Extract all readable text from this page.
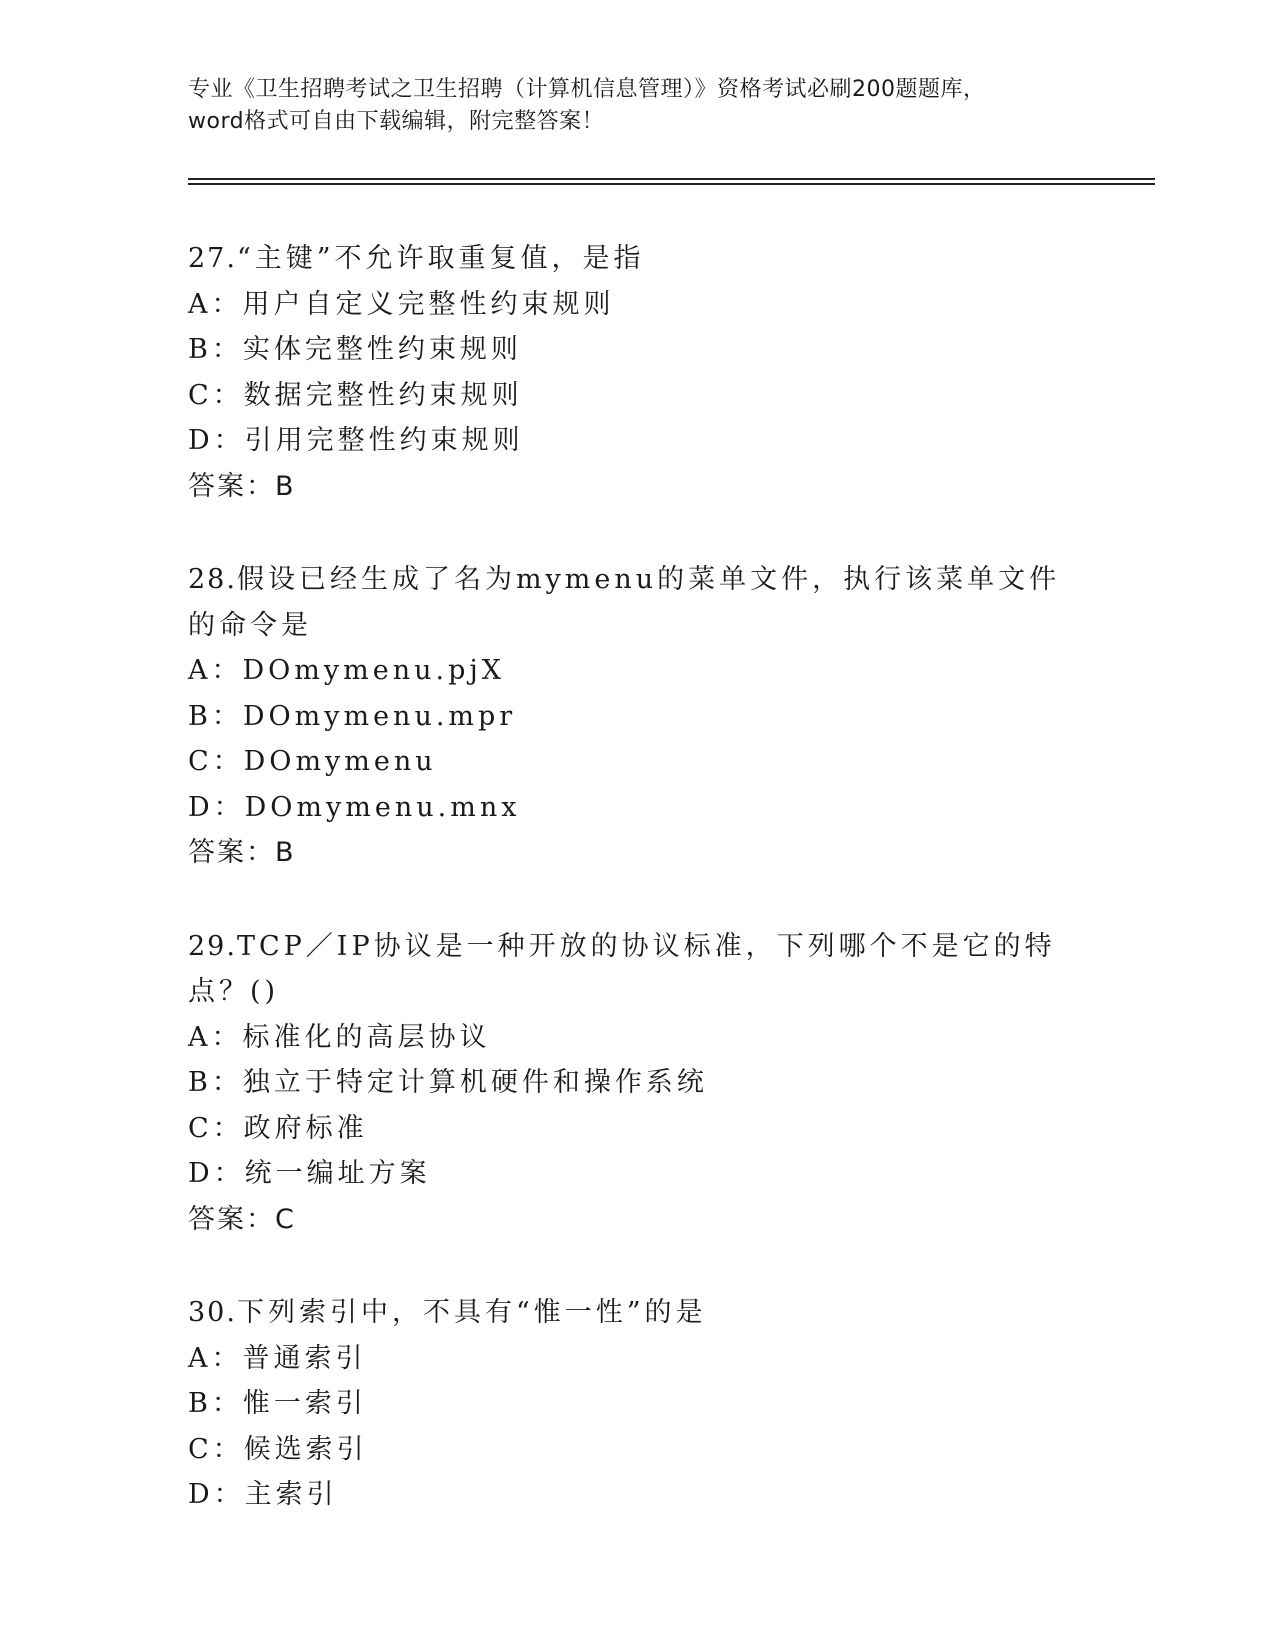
专业《卫生招聘考试之卫生招聘（计算机信息管理）》资格考试必刷200题题库，
word格式可自由下载编辑，附完整答案！
27.“主键”不允许取重复值，是指
A：用户自定义完整性约束规则
B：实体完整性约束规则
C：数据完整性约束规则
D：引用完整性约束规则
答案：B
28.假设已经生成了名为mymenu的菜单文件，执行该菜单文件的命令是
A：DOmymenu.pjX
B：DOmymenu.mpr
C：DOmymenu
D：DOmymenu.mnx
答案：B
29.TCP／IP协议是一种开放的协议标准，下列哪个不是它的特点？()
A：标准化的高层协议
B：独立于特定计算机硬件和操作系统
C：政府标准
D：统一编址方案
答案：C
30.下列索引中，不具有“惟一性”的是
A：普通索引
B：惟一索引
C：候选索引
D：主索引
